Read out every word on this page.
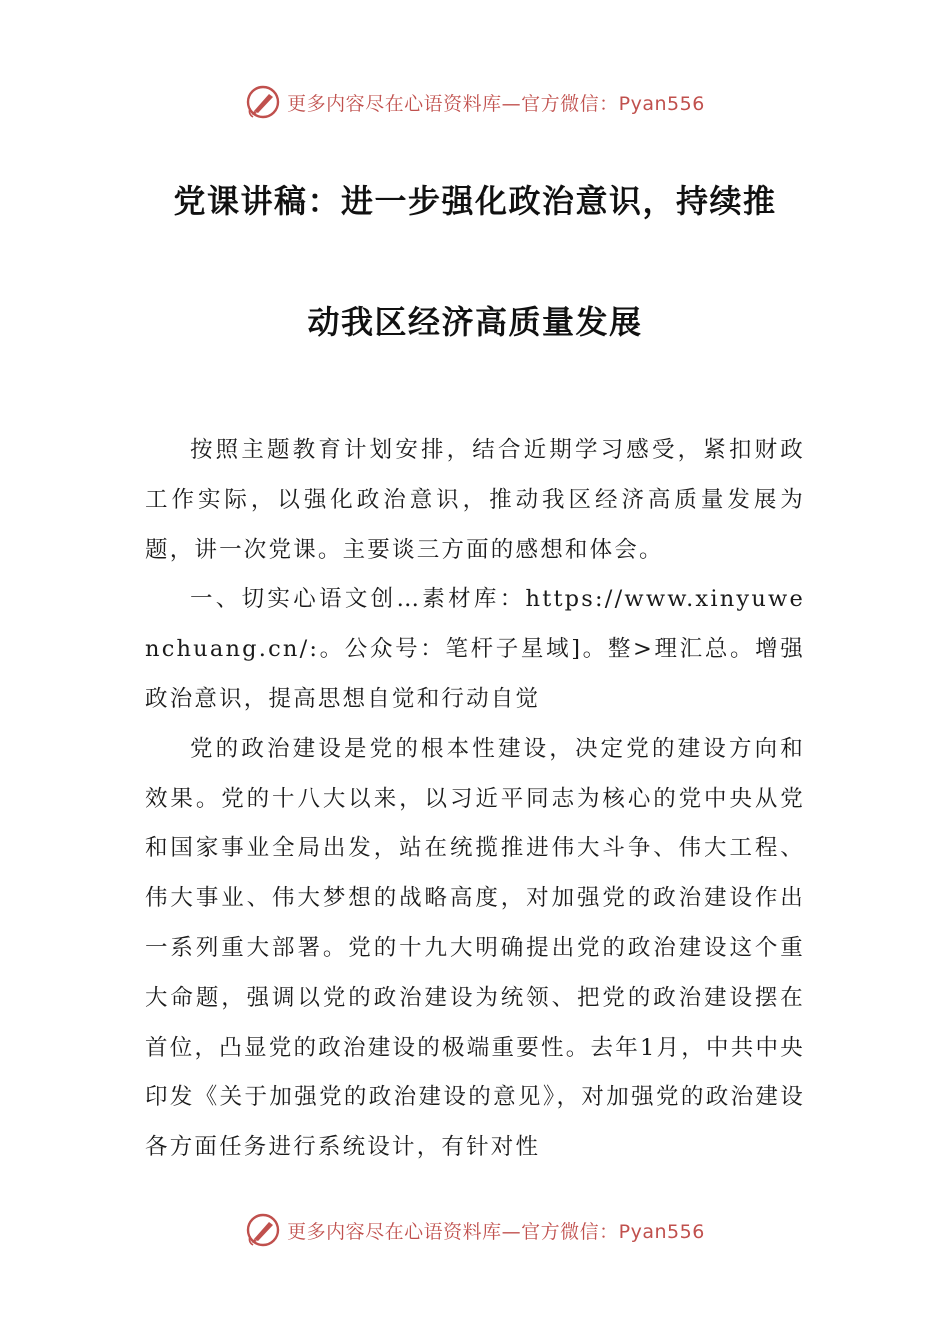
更多内容尽在心语资料库—官方微信：Pyan556
党课讲稿：进一步强化政治意识，持续推
动我区经济高质量发展

按照主题教育计划安排，结合近期学习感受，紧扣财政工作实际，以强化政治意识，推动我区经济高质量发展为题，讲一次党课。主要谈三方面的感想和体会。

一、切实心语文创…素材库：https://www.xinyuwenchuang.cn/:。公众号：笔杆子星域]。整>理汇总。增强政治意识，提高思想自觉和行动自觉

党的政治建设是党的根本性建设，决定党的建设方向和效果。党的十八大以来，以习近平同志为核心的党中央从党和国家事业全局出发，站在统揽推进伟大斗争、伟大工程、伟大事业、伟大梦想的战略高度，对加强党的政治建设作出一系列重大部署。党的十九大明确提出党的政治建设这个重大命题，强调以党的政治建设为统领、把党的政治建设摆在首位，凸显党的政治建设的极端重要性。去年1月，中共中央印发《关于加强党的政治建设的意见》，对加强党的政治建设各方面任务进行系统设计，有针对性

更多内容尽在心语资料库—官方微信：Pyan556
